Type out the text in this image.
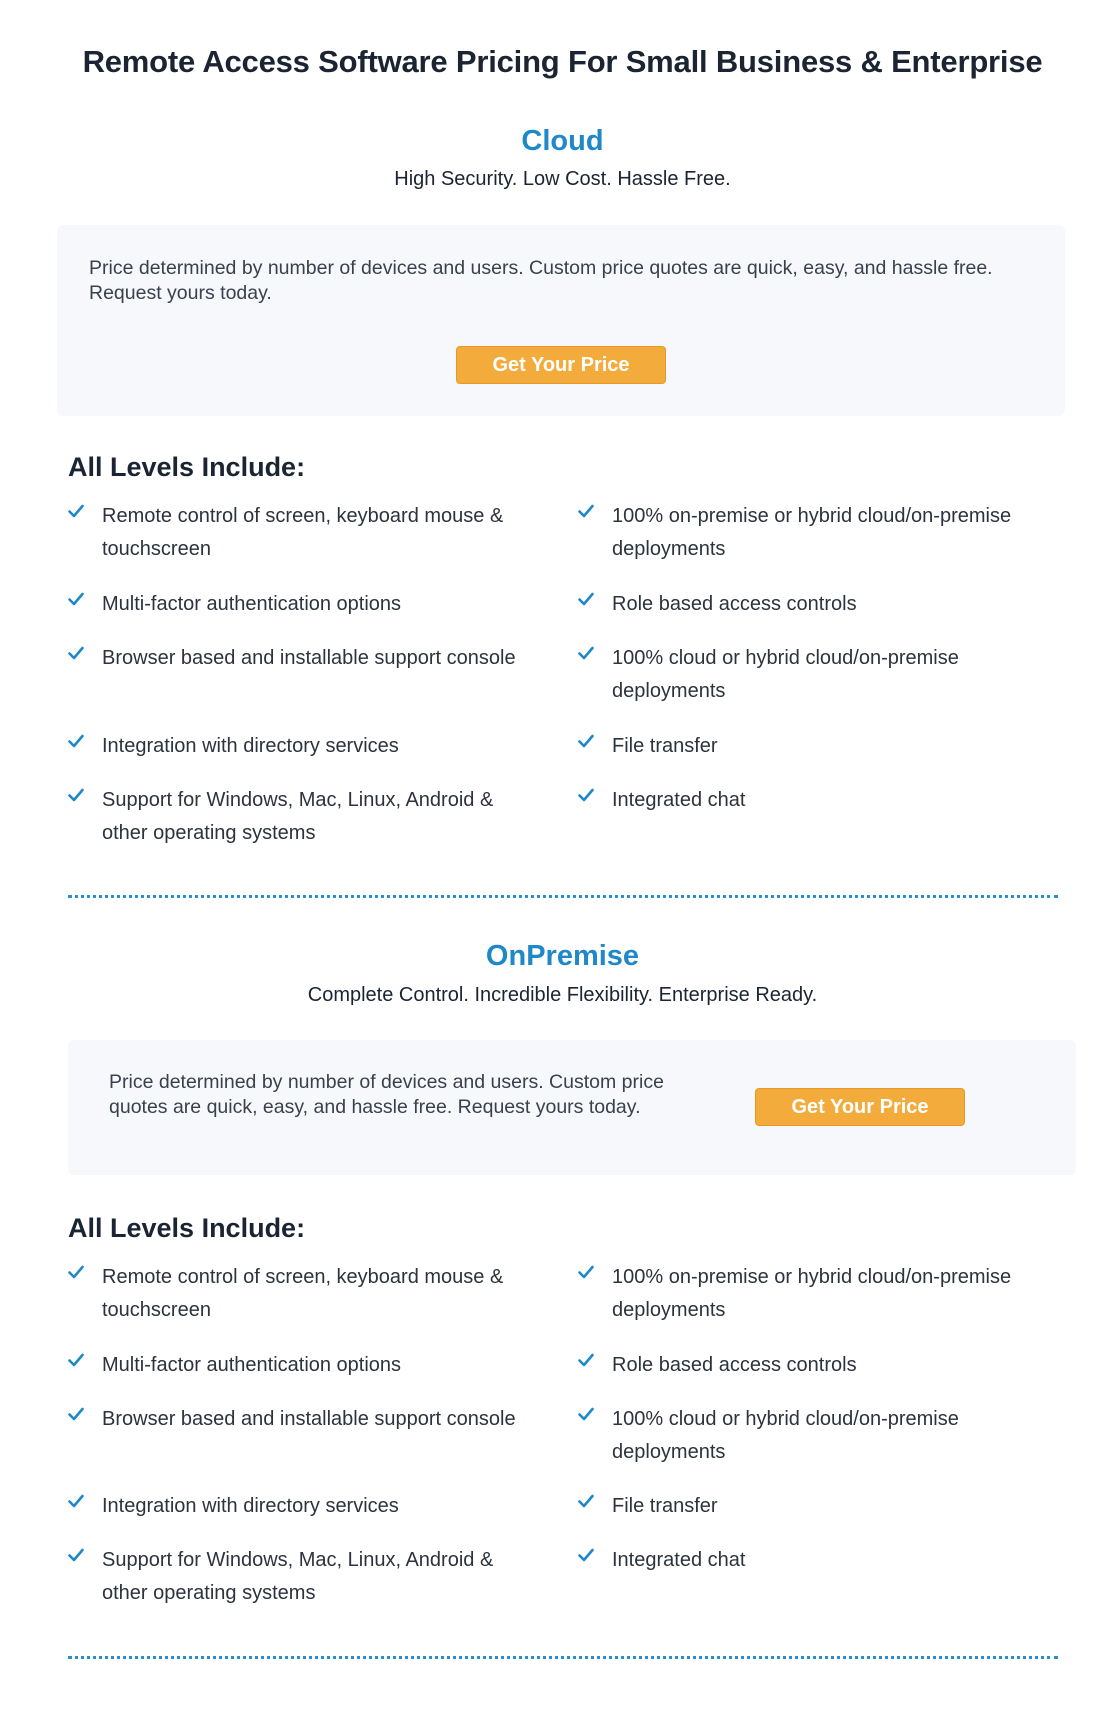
Remote Access Software Pricing For Small Business & Enterprise
Cloud
High Security. Low Cost. Hassle Free.
Price determined by number of devices and users. Custom price quotes are quick, easy, and hassle free. Request yours today.
Get Your Price
All Levels Include:
Remote control of screen, keyboard mouse & touchscreen
Multi-factor authentication options
Browser based and installable support console
Integration with directory services
Support for Windows, Mac, Linux, Android & other operating systems
100% on-premise or hybrid cloud/on-premise deployments
Role based access controls
100% cloud or hybrid cloud/on-premise deployments
File transfer
Integrated chat
OnPremise
Complete Control. Incredible Flexibility. Enterprise Ready.
Price determined by number of devices and users. Custom price quotes are quick, easy, and hassle free. Request yours today.	Get Your Price
All Levels Include:
Remote control of screen, keyboard mouse & touchscreen
Multi-factor authentication options
Browser based and installable support console
Integration with directory services
Support for Windows, Mac, Linux, Android & other operating systems
100% on-premise or hybrid cloud/on-premise deployments
Role based access controls
100% cloud or hybrid cloud/on-premise deployments
File transfer
Integrated chat
